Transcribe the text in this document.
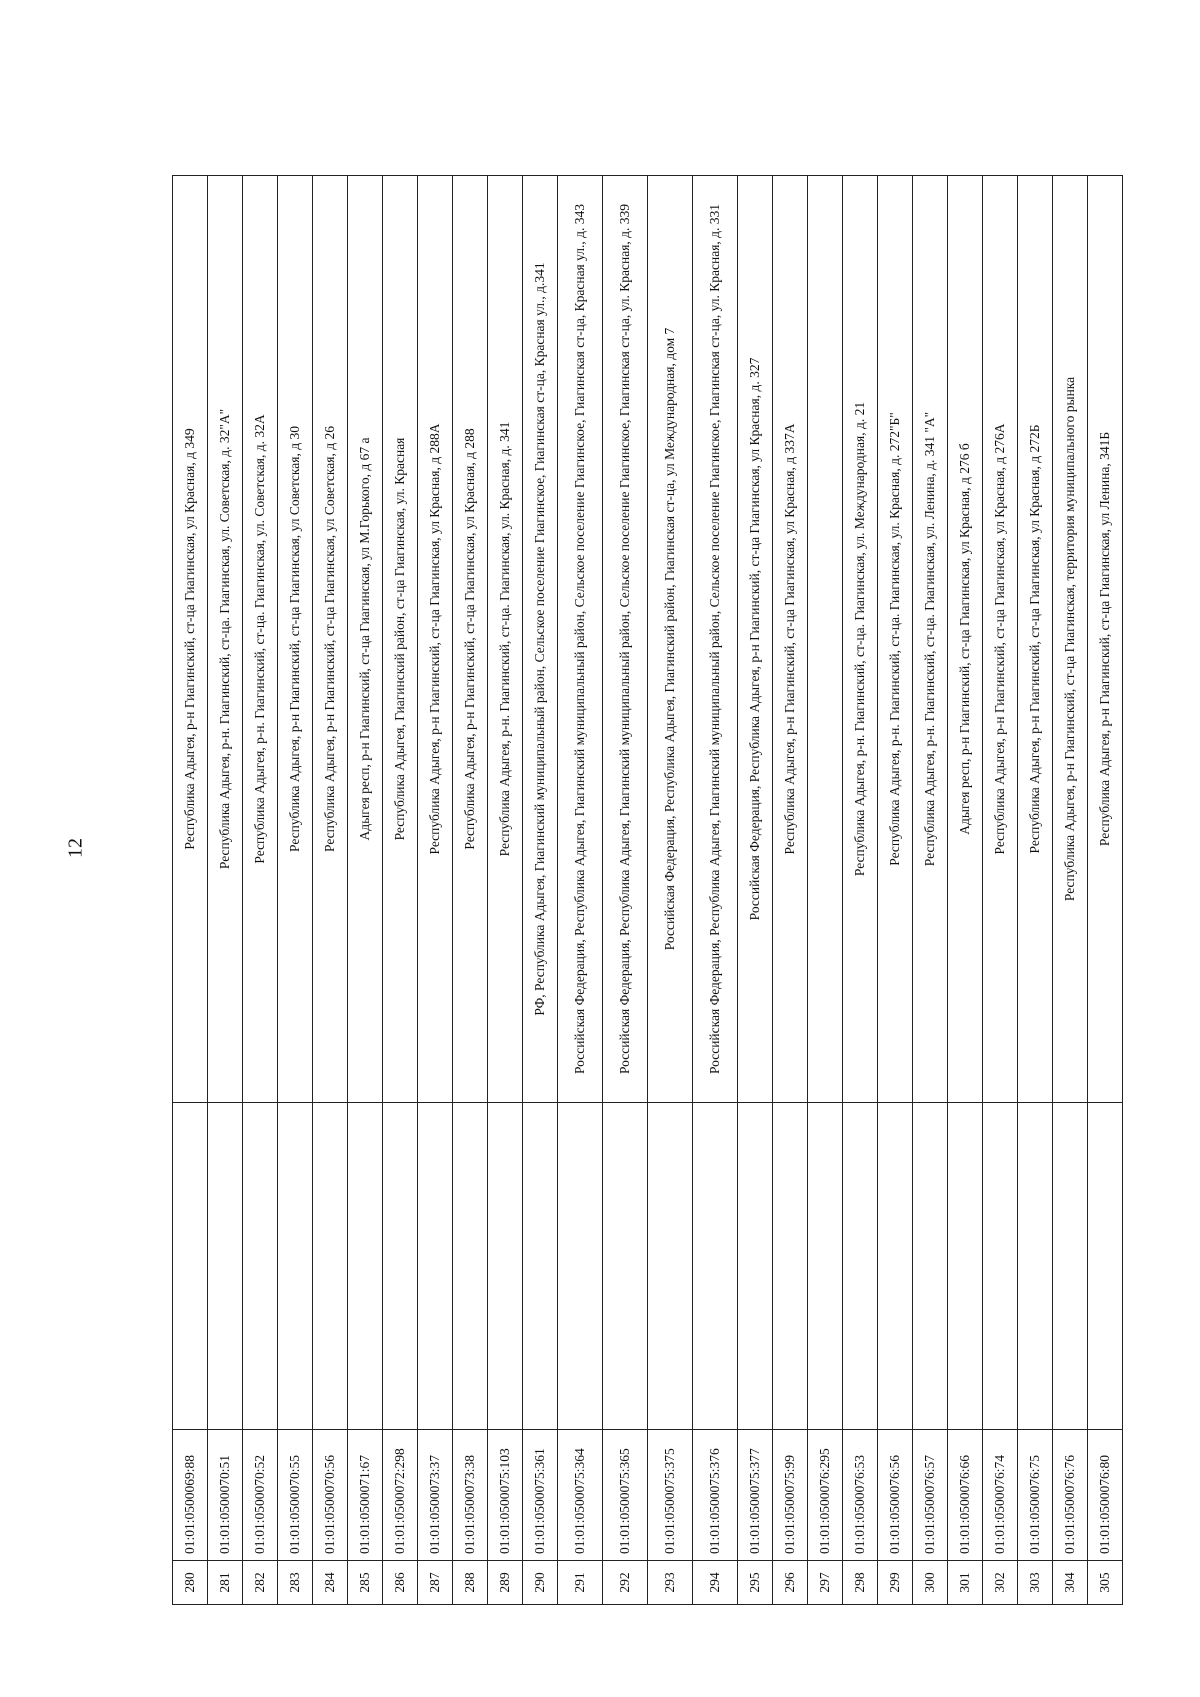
12
280	01:01:0500069:88		Республика Адыгея, р-н Гиагинский, ст-ца Гиагинская, ул Красная, д 349
281	01:01:0500070:51		Республика Адыгея, р-н. Гиагинский, ст-ца. Гиагинская, ул. Советская, д. 32"А"
282	01:01:0500070:52		Республика Адыгея, р-н. Гиагинский, ст-ца. Гиагинская, ул. Советская, д. 32А
283	01:01:0500070:55		Республика Адыгея, р-н Гиагинский, ст-ца Гиагинская, ул Советская, д 30
284	01:01:0500070:56		Республика Адыгея, р-н Гиагинский, ст-ца Гиагинская, ул Советская, д 26
285	01:01:0500071:67		Адыгея респ, р-н Гиагинский, ст-ца Гиагинская, ул М.Горького, д 67 а
286	01:01:0500072:298		Республика Адыгея, Гиагинский район, ст-ца Гиагинская, ул. Красная
287	01:01:0500073:37		Республика Адыгея, р-н Гиагинский, ст-ца Гиагинская, ул Красная, д 288А
288	01:01:0500073:38		Республика Адыгея, р-н Гиагинский, ст-ца Гиагинская, ул Красная, д 288
289	01:01:0500075:103		Республика Адыгея, р-н. Гиагинский, ст-ца. Гиагинская, ул. Красная, д. 341
290	01:01:0500075:361		РФ, Республика Адыгея, Гиагинский муниципальный район, Сельское поселение Гиагинское, Гиагинская ст-ца, Красная ул., д.341
291	01:01:0500075:364		Российская Федерация, Республика Адыгея, Гиагинский муниципальный район, Сельское поселение Гиагинское, Гиагинская ст-ца, Красная ул., д. 343
292	01:01:0500075:365		Российская Федерация, Республика Адыгея, Гиагинский муниципальный район, Сельское поселение Гиагинское, Гиагинская ст-ца, ул. Красная, д. 339
293	01:01:0500075:375		Российская Федерация, Республика Адыгея, Гиагинский район, Гиагинская ст-ца, ул Международная, дом 7
294	01:01:0500075:376		Российская Федерация, Республика Адыгея, Гиагинский муниципальный район, Сельское поселение Гиагинское, Гиагинская ст-ца, ул. Красная, д. 331
295	01:01:0500075:377		Российская Федерация, Республика Адыгея, р-н Гиагинский, ст-ца Гиагинская, ул Красная, д. 327
296	01:01:0500075:99		Республика Адыгея, р-н Гиагинский, ст-ца Гиагинская, ул Красная, д 337А
297	01:01:0500076:295		
298	01:01:0500076:53		Республика Адыгея, р-н. Гиагинский, ст-ца. Гиагинская, ул. Международная, д. 21
299	01:01:0500076:56		Республика Адыгея, р-н. Гиагинский, ст-ца. Гиагинская, ул. Красная, д. 272"Б"
300	01:01:0500076:57		Республика Адыгея, р-н. Гиагинский, ст-ца. Гиагинская, ул. Ленина, д. 341 "А"
301	01:01:0500076:66		Адыгея респ, р-н Гиагинский, ст-ца Гиагинская, ул Красная, д 276 б
302	01:01:0500076:74		Республика Адыгея, р-н Гиагинский, ст-ца Гиагинская, ул Красная, д 276А
303	01:01:0500076:75		Республика Адыгея, р-н Гиагинский, ст-ца Гиагинская, ул Красная, д 272Б
304	01:01:0500076:76		Республика Адыгея, р-н Гиагинский, ст-ца Гиагинская, территория муниципального рынка
305	01:01:0500076:80		Республика Адыгея, р-н Гиагинский, ст-ца Гиагинская, ул Ленина, 341Б
